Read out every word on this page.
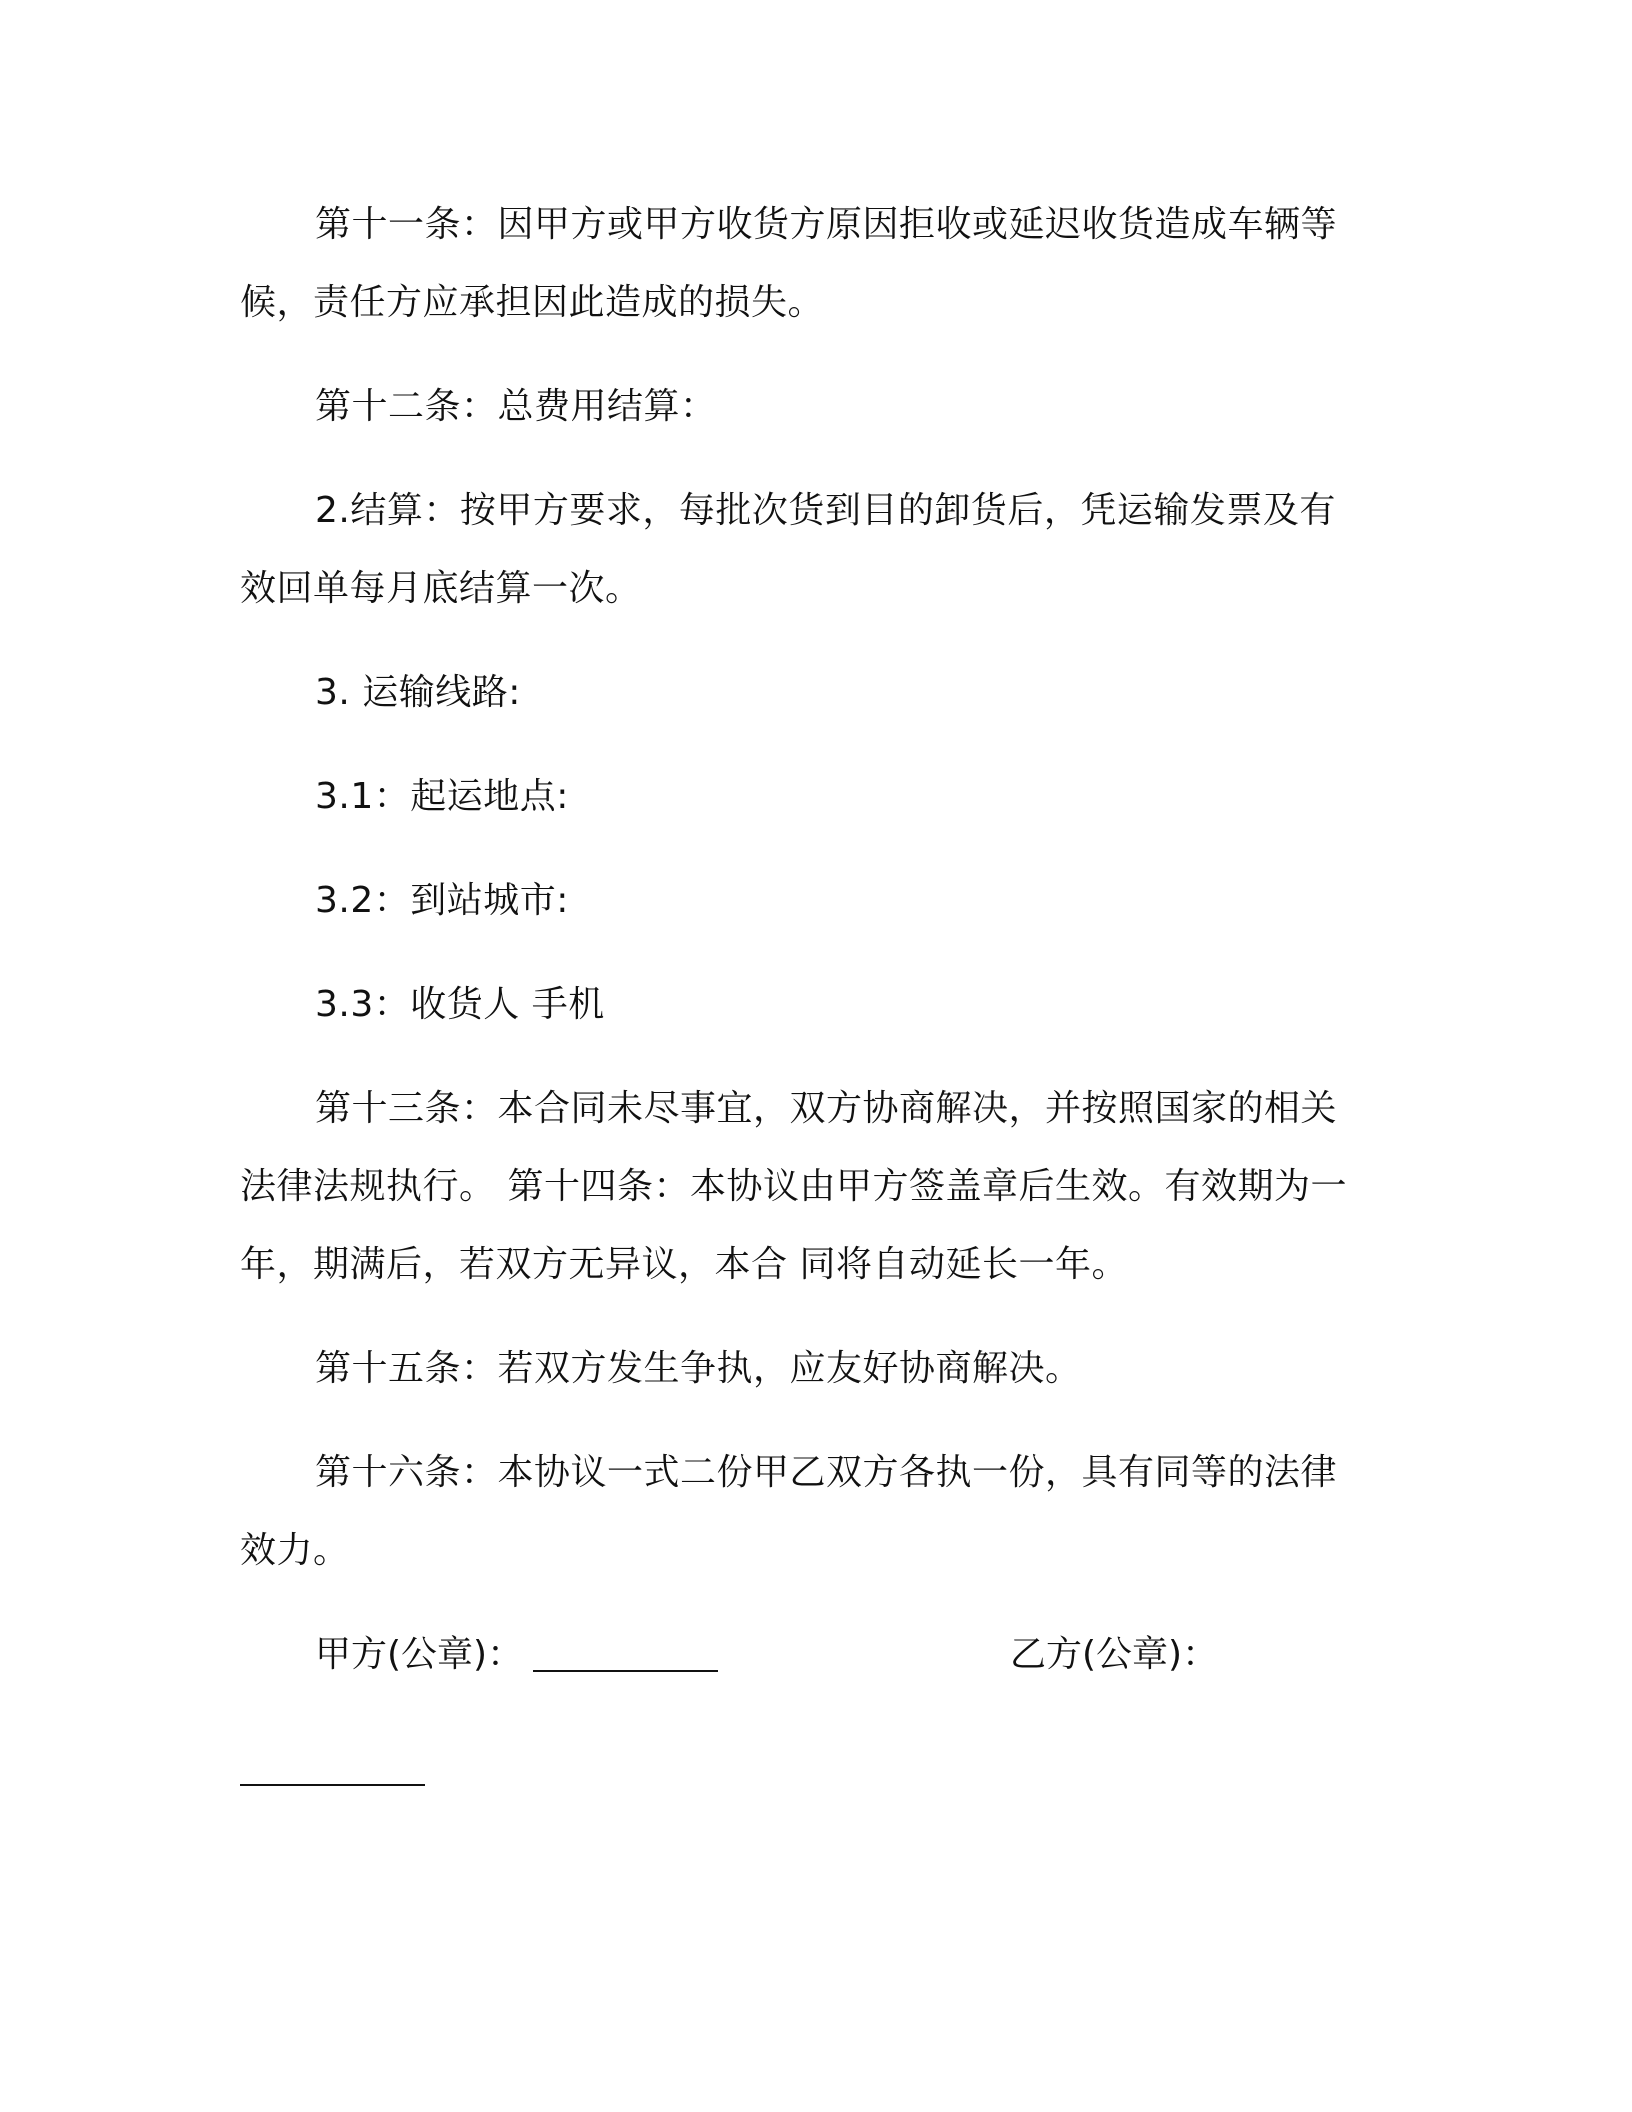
第十一条：因甲方或甲方收货方原因拒收或延迟收货造成车辆等候，责任方应承担因此造成的损失。

第十二条：总费用结算：

2.结算：按甲方要求，每批次货到目的卸货后，凭运输发票及有效回单每月底结算一次。

3. 运输线路:

3.1：起运地点:

3.2：到站城市:

3.3：收货人 手机

第十三条：本合同未尽事宜，双方协商解决，并按照国家的相关法律法规执行。 第十四条：本协议由甲方签盖章后生效。有效期为一年，期满后，若双方无异议，本合 同将自动延长一年。

第十五条：若双方发生争执，应友好协商解决。

第十六条：本协议一式二份甲乙双方各执一份，具有同等的法律效力。

甲方(公章)：	乙方(公章)：
